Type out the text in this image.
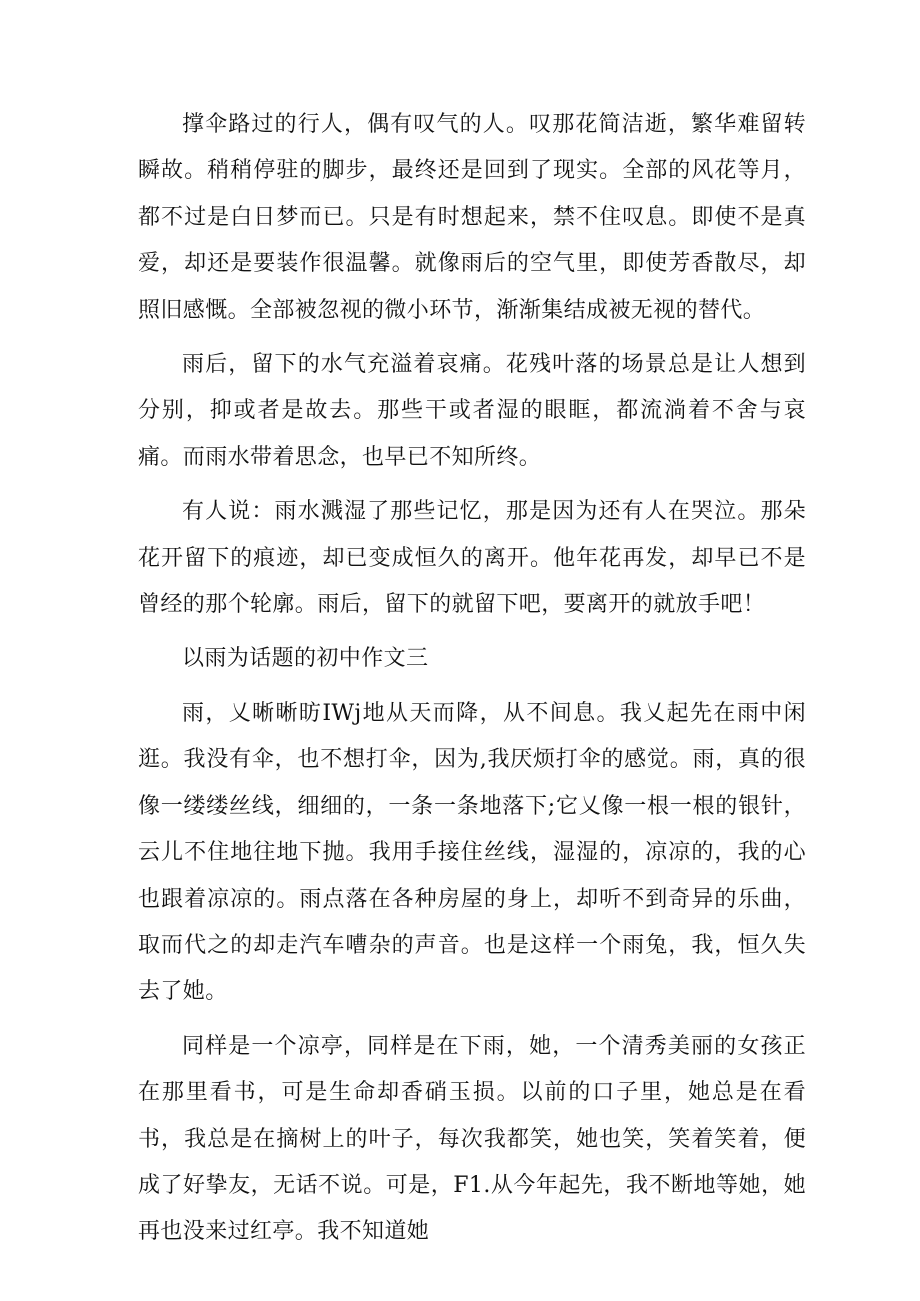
撑伞路过的行人，偶有叹气的人。叹那花简洁逝，繁华难留转瞬故。稍稍停驻的脚步，最终还是回到了现实。全部的风花等月，都不过是白日梦而已。只是有时想起来，禁不住叹息。即使不是真爱，却还是要装作很温馨。就像雨后的空气里，即使芳香散尽，却照旧感慨。全部被忽视的微小环节，渐渐集结成被无视的替代。

雨后，留下的水气充溢着哀痛。花残叶落的场景总是让人想到分别，抑或者是故去。那些干或者湿的眼眶，都流淌着不舍与哀痛。而雨水带着思念，也早已不知所终。

有人说：雨水溅湿了那些记忆，那是因为还有人在哭泣。那朵花开留下的痕迹，却已变成恒久的离开。他年花再发，却早已不是曾经的那个轮廓。雨后，留下的就留下吧，要离开的就放手吧！

以雨为话题的初中作文三

雨，乂晰晰昉IWj地从天而降，从不间息。我乂起先在雨中闲逛。我没有伞，也不想打伞，因为,我厌烦打伞的感觉。雨，真的很像一缕缕丝线，细细的，一条一条地落下;它乂像一根一根的银针，云儿不住地往地下抛。我用手接住丝线，湿湿的，凉凉的，我的心也跟着凉凉的。雨点落在各种房屋的身上，却听不到奇异的乐曲，取而代之的却走汽车嘈杂的声音。也是这样一个雨兔，我，恒久失去了她。

同样是一个凉亭，同样是在下雨，她，一个清秀美丽的女孩正在那里看书，可是生命却香硝玉损。以前的口子里，她总是在看书，我总是在摘树上的叶子，每次我都笑，她也笑，笑着笑着，便成了好挚友，无话不说。可是，F1.从今年起先，我不断地等她，她再也没来过红亭。我不知道她
